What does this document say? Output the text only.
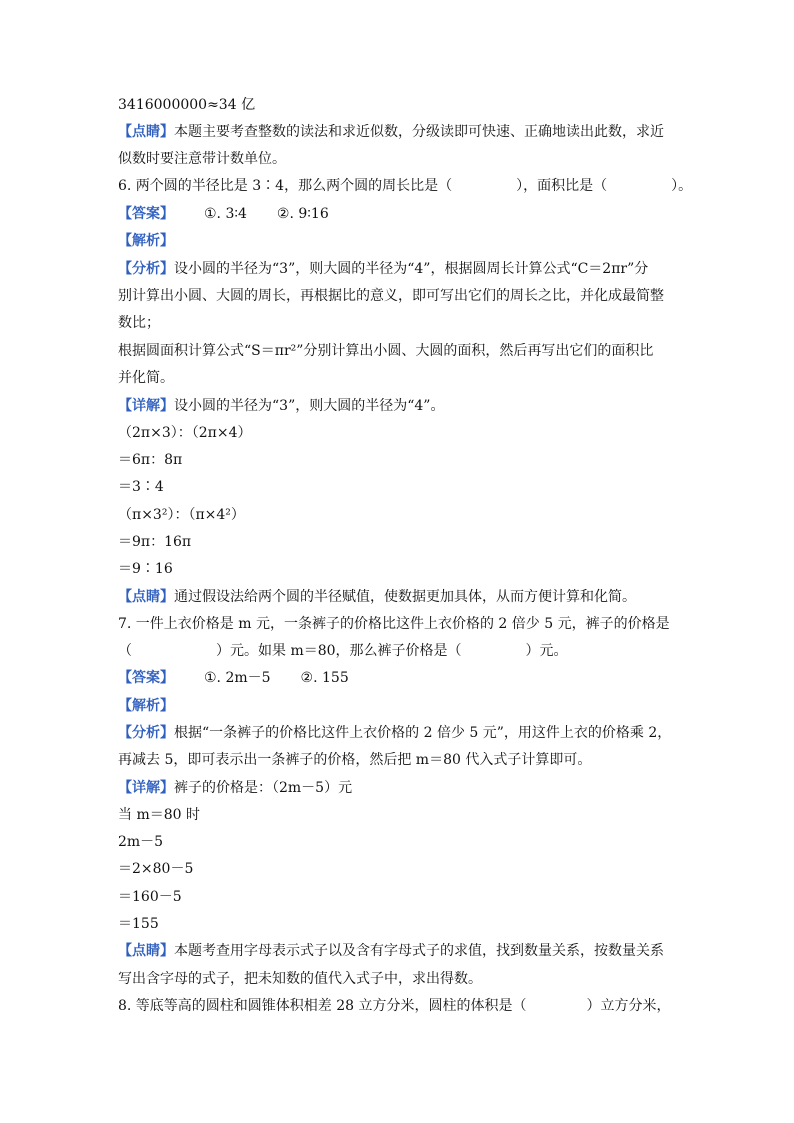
3416000000≈34 亿
【点睛】本题主要考查整数的读法和求近似数，分级读即可快速、正确地读出此数，求近
似数时要注意带计数单位。
6. 两个圆的半径比是 3∶4，那么两个圆的周长比是（	），面积比是（	）。
【答案】 ①. 3∶4 ②. 9∶16
【解析】
【分析】设小圆的半径为“3”，则大圆的半径为“4”，根据圆周长计算公式“C＝2πr”分
别计算出小圆、大圆的周长，再根据比的意义，即可写出它们的周长之比，并化成最简整
数比；
根据圆面积计算公式“S＝πr²”分别计算出小圆、大圆的面积，然后再写出它们的面积比
并化简。
【详解】设小圆的半径为“3”，则大圆的半径为“4”。
（2π×3）：（2π×4）
＝6π：8π
＝3∶4
（π×3²）：（π×4²）
＝9π：16π
＝9∶16
【点睛】通过假设法给两个圆的半径赋值，使数据更加具体，从而方便计算和化简。
7. 一件上衣价格是 m 元，一条裤子的价格比这件上衣价格的 2 倍少 5 元，裤子的价格是
（	）元。如果 m＝80，那么裤子价格是（	）元。
【答案】 ①. 2m－5 ②. 155
【解析】
【分析】根据“一条裤子的价格比这件上衣价格的 2 倍少 5 元”，用这件上衣的价格乘 2，
再减去 5，即可表示出一条裤子的价格，然后把 m＝80 代入式子计算即可。
【详解】裤子的价格是：（2m－5）元
当 m＝80 时
2m－5
＝2×80－5
＝160－5
＝155
【点睛】本题考查用字母表示式子以及含有字母式子的求值，找到数量关系，按数量关系
写出含字母的式子，把未知数的值代入式子中，求出得数。
8. 等底等高的圆柱和圆锥体积相差 28 立方分米，圆柱的体积是（	）立方分米，
